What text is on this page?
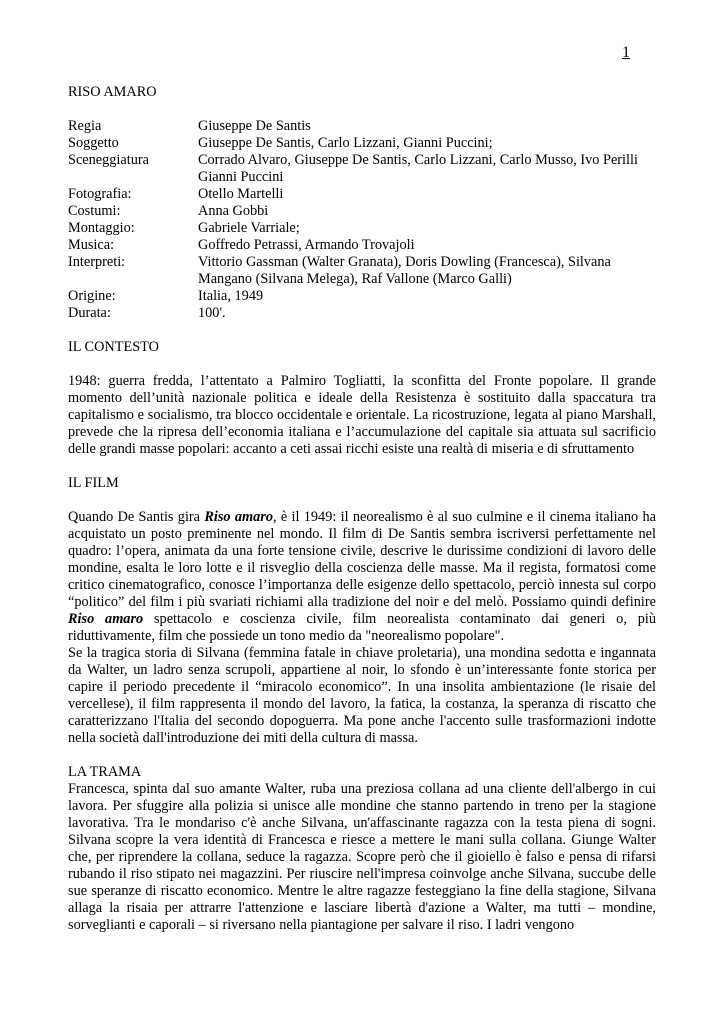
1
RISO AMARO
Regia	Giuseppe De Santis
Soggetto	Giuseppe De Santis, Carlo Lizzani, Gianni Puccini;
Sceneggiatura	Corrado Alvaro, Giuseppe De Santis, Carlo Lizzani, Carlo Musso, Ivo Perilli Gianni Puccini
Fotografia:	Otello Martelli
Costumi:	Anna Gobbi
Montaggio:	Gabriele Varriale;
Musica:	Goffredo Petrassi, Armando Trovajoli
Interpreti:	Vittorio Gassman (Walter Granata), Doris Dowling (Francesca), Silvana Mangano (Silvana Melega), Raf Vallone (Marco Galli)
Origine:	Italia, 1949
Durata:	100'.
IL CONTESTO

1948: guerra fredda, l’attentato a Palmiro Togliatti, la sconfitta del Fronte popolare. Il grande momento dell’unità nazionale politica e ideale della Resistenza è sostituito dalla spaccatura tra capitalismo e socialismo, tra blocco occidentale e orientale. La ricostruzione, legata al piano Marshall, prevede che la ripresa dell’economia italiana e l’accumulazione del capitale sia attuata sul sacrificio delle grandi masse popolari: accanto a ceti assai ricchi esiste una realtà di miseria e di sfruttamento

IL FILM

Quando De Santis gira Riso amaro, è il 1949: il neorealismo è al suo culmine e il cinema italiano ha acquistato un posto preminente nel mondo. Il film di De Santis sembra iscriversi perfettamente nel quadro: l’opera, animata da una forte tensione civile, descrive le durissime condizioni di lavoro delle mondine, esalta le loro lotte e il risveglio della coscienza delle masse. Ma il regista, formatosi come critico cinematografico, conosce l’importanza delle esigenze dello spettacolo, perciò innesta sul corpo “politico” del film i più svariati richiami alla tradizione del noir e del melò. Possiamo quindi definire Riso amaro spettacolo e coscienza civile, film neorealista contaminato dai generi o, più riduttivamente, film che possiede un tono medio da "neorealismo popolare".

Se la tragica storia di Silvana (femmina fatale in chiave proletaria), una mondina sedotta e ingannata da Walter, un ladro senza scrupoli, appartiene al noir, lo sfondo è un’interessante fonte storica per capire il periodo precedente il “miracolo economico”. In una insolita ambientazione (le risaie del vercellese), il film rappresenta il mondo del lavoro, la fatica, la costanza, la speranza di riscatto che caratterizzano l'Italia del secondo dopoguerra. Ma pone anche l'accento sulle trasformazioni indotte nella società dall'introduzione dei miti della cultura di massa.

LA TRAMA

Francesca, spinta dal suo amante Walter, ruba una preziosa collana ad una cliente dell'albergo in cui lavora. Per sfuggire alla polizia si unisce alle mondine che stanno partendo in treno per la stagione lavorativa. Tra le mondariso c'è anche Silvana, un'affascinante ragazza con la testa piena di sogni. Silvana scopre la vera identità di Francesca e riesce a mettere le mani sulla collana. Giunge Walter che, per riprendere la collana, seduce la ragazza. Scopre però che il gioiello è falso e pensa di rifarsi rubando il riso stipato nei magazzini. Per riuscire nell'impresa coinvolge anche Silvana, succube delle sue speranze di riscatto economico. Mentre le altre ragazze festeggiano la fine della stagione, Silvana allaga la risaia per attrarre l'attenzione e lasciare libertà d'azione a Walter, ma tutti – mondine, sorveglianti e caporali – si riversano nella piantagione per salvare il riso. I ladri vengono
